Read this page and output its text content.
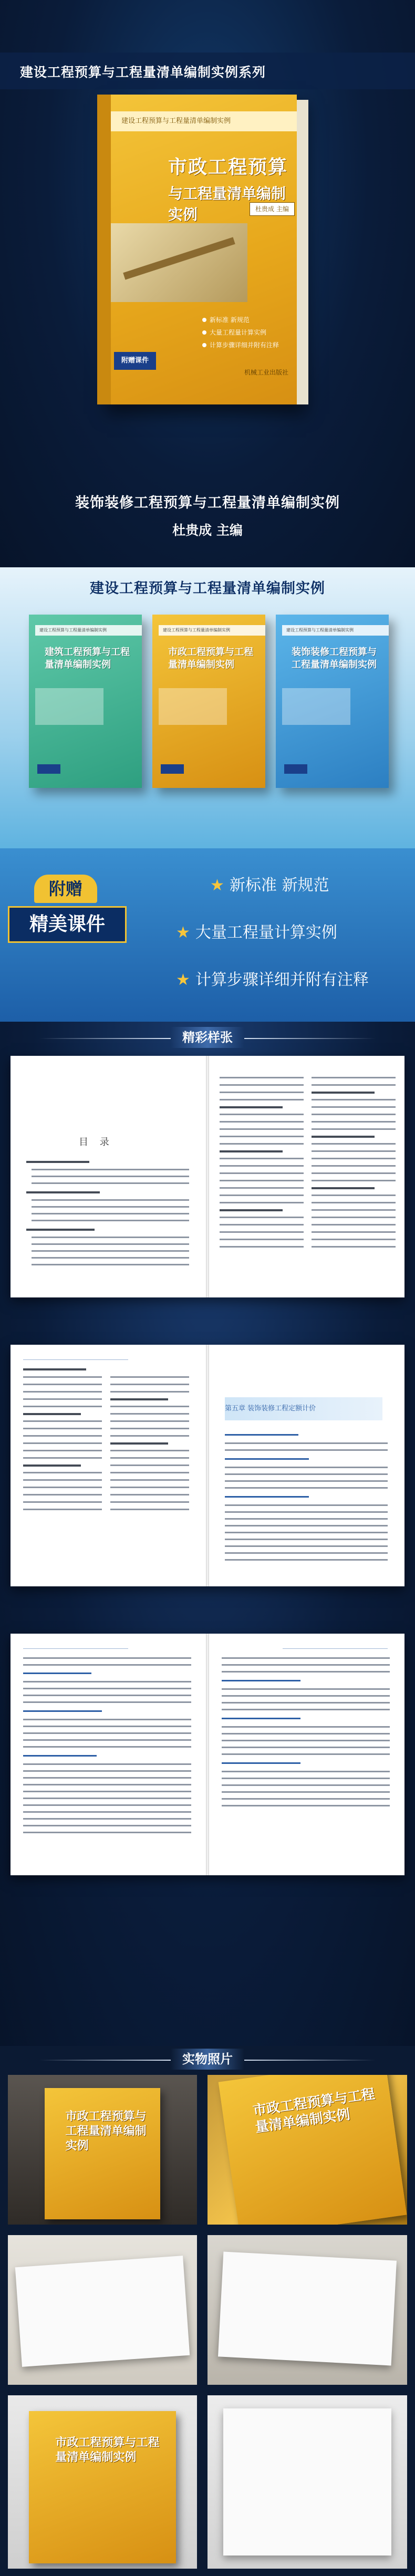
建设工程预算与工程量清单编制实例系列
建设工程预算与工程量清单编制实例
市政工程预算
与工程量清单编制实例	杜贵成 主编
新标准 新规范
大量工程量计算实例
计算步骤详细并附有注释
附赠课件
机械工业出版社
装饰装修工程预算与工程量清单编制实例
杜贵成 主编
建设工程预算与工程量清单编制实例
建设工程预算与工程量清单编制实例
建筑工程预算与工程量清单编制实例
建设工程预算与工程量清单编制实例
市政工程预算与工程量清单编制实例
建设工程预算与工程量清单编制实例
装饰装修工程预算与工程量清单编制实例
附赠
精美课件
★ 新标准 新规范
★ 大量工程量计算实例
★ 计算步骤详细并附有注释
精彩样张
目 录
第五章 装饰装修工程定额计价
实物照片
市政工程预算与工程量清单编制实例
市政工程预算与工程量清单编制实例
市政工程预算与工程量清单编制实例
